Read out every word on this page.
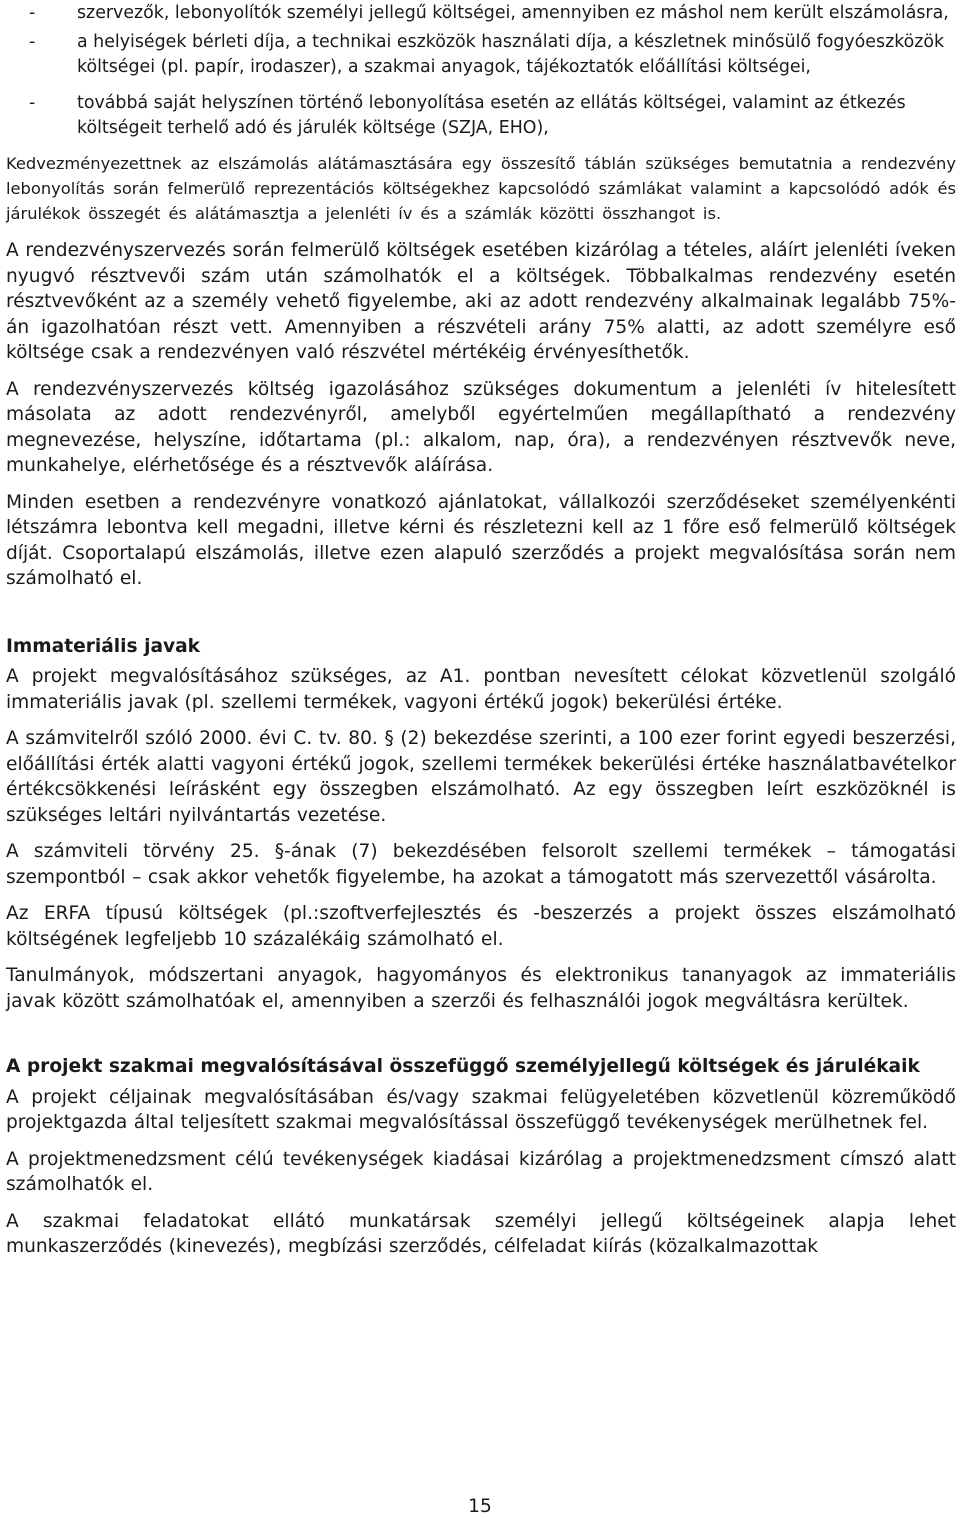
- szervezők, lebonyolítók személyi jellegű költségei, amennyiben ez máshol nem került elszámolásra,
- a helyiségek bérleti díja, a technikai eszközök használati díja, a készletnek minősülő fogyóeszközök költségei (pl. papír, irodaszer), a szakmai anyagok, tájékoztatók előállítási költségei,
- továbbá saját helyszínen történő lebonyolítása esetén az ellátás költségei, valamint az étkezés költségeit terhelő adó és járulék költsége (SZJA, EHO),

Kedvezményezettnek az elszámolás alátámasztására egy összesítő táblán szükséges bemutatnia a rendezvény lebonyolítás során felmerülő reprezentációs költségekhez kapcsolódó számlákat valamint a kapcsolódó adók és járulékok összegét és alátámasztja a jelenléti ív és a számlák közötti összhangot is.

A rendezvényszervezés során felmerülő költségek esetében kizárólag a tételes, aláírt jelenléti íveken nyugvó résztvevői szám után számolhatók el a költségek. Többalkalmas rendezvény esetén résztvevőként az a személy vehető figyelembe, aki az adott rendezvény alkalmainak legalább 75%-án igazolhatóan részt vett. Amennyiben a részvételi arány 75% alatti, az adott személyre eső költsége csak a rendezvényen való részvétel mértékéig érvényesíthetők.

A rendezvényszervezés költség igazolásához szükséges dokumentum a jelenléti ív hitelesített másolata az adott rendezvényről, amelyből egyértelműen megállapítható a rendezvény megnevezése, helyszíne, időtartama (pl.: alkalom, nap, óra), a rendezvényen résztvevők neve, munkahelye, elérhetősége és a résztvevők aláírása.

Minden esetben a rendezvényre vonatkozó ajánlatokat, vállalkozói szerződéseket személyenkénti létszámra lebontva kell megadni, illetve kérni és részletezni kell az 1 főre eső felmerülő költségek díját. Csoportalapú elszámolás, illetve ezen alapuló szerződés a projekt megvalósítása során nem számolható el.

Immateriális javak

A projekt megvalósításához szükséges, az A1. pontban nevesített célokat közvetlenül szolgáló immateriális javak (pl. szellemi termékek, vagyoni értékű jogok) bekerülési értéke.

A számvitelről szóló 2000. évi C. tv. 80. § (2) bekezdése szerinti, a 100 ezer forint egyedi beszerzési, előállítási érték alatti vagyoni értékű jogok, szellemi termékek bekerülési értéke használatbavételkor értékcsökkenési leírásként egy összegben elszámolható. Az egy összegben leírt eszközöknél is szükséges leltári nyilvántartás vezetése.

A számviteli törvény 25. §-ának (7) bekezdésében felsorolt szellemi termékek – támogatási szempontból – csak akkor vehetők figyelembe, ha azokat a támogatott más szervezettől vásárolta.

Az ERFA típusú költségek (pl.:szoftverfejlesztés és -beszerzés a projekt összes elszámolható költségének legfeljebb 10 százalékáig számolható el.

Tanulmányok, módszertani anyagok, hagyományos és elektronikus tananyagok az immateriális javak között számolhatóak el, amennyiben a szerzői és felhasználói jogok megváltásra kerültek.

A projekt szakmai megvalósításával összefüggő személyjellegű költségek és járulékaik

A projekt céljainak megvalósításában és/vagy szakmai felügyeletében közvetlenül közreműködő projektgazda által teljesített szakmai megvalósítással összefüggő tevékenységek merülhetnek fel.

A projektmenedzsment célú tevékenységek kiadásai kizárólag a projektmenedzsment címszó alatt számolhatók el.

A szakmai feladatokat ellátó munkatársak személyi jellegű költségeinek alapja lehet munkaszerződés (kinevezés), megbízási szerződés, célfeladat kiírás (közalkalmazottak

15
